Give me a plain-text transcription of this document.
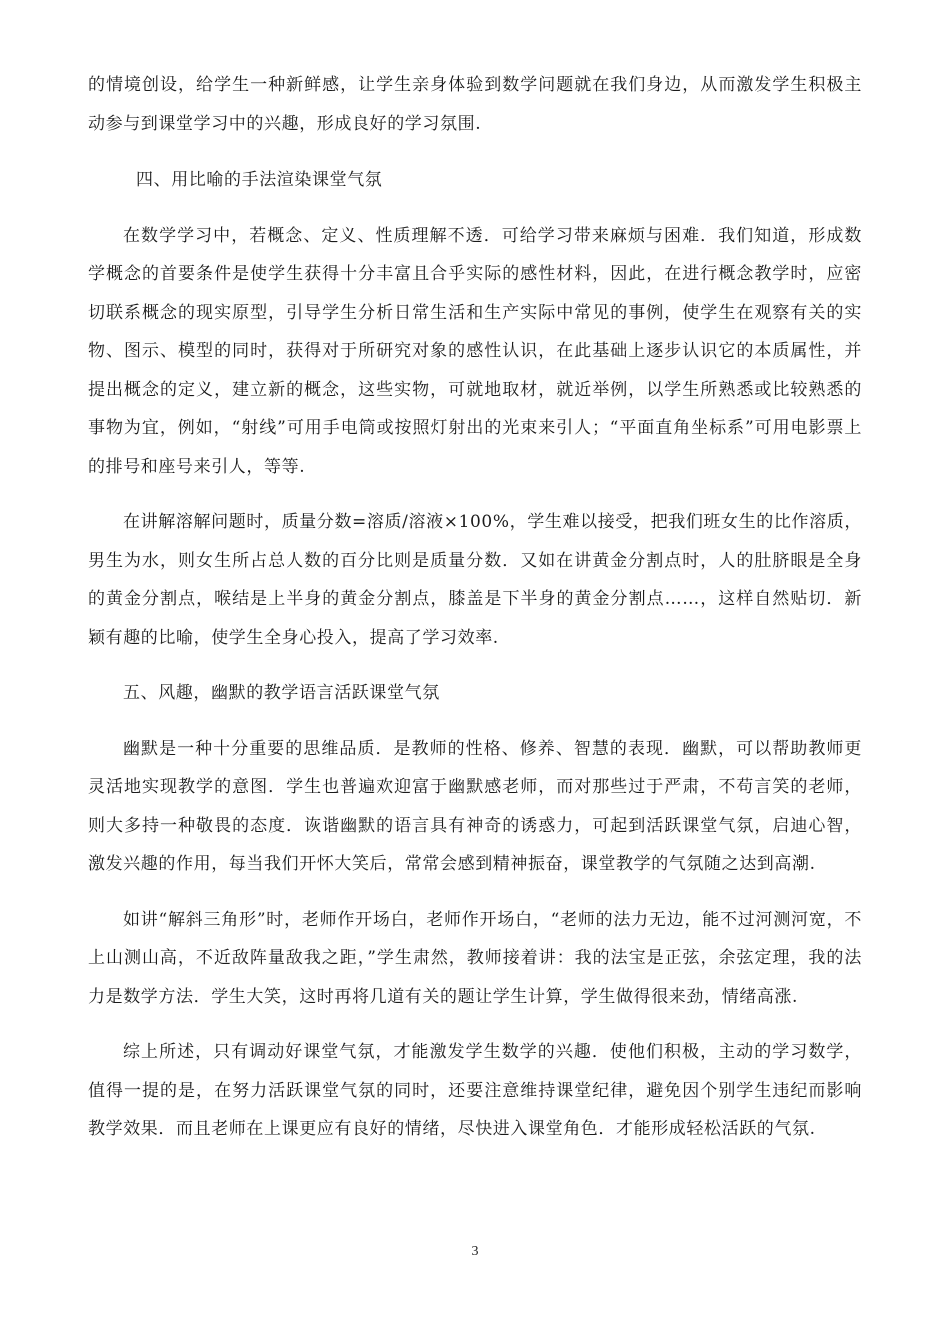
的情境创设，给学生一种新鲜感，让学生亲身体验到数学问题就在我们身边，从而激发学生积极主动参与到课堂学习中的兴趣，形成良好的学习氛围.

四、用比喻的手法渲染课堂气氛

在数学学习中，若概念、定义、性质理解不透．可给学习带来麻烦与困难．我们知道，形成数学概念的首要条件是使学生获得十分丰富且合乎实际的感性材料，因此，在进行概念教学时，应密切联系概念的现实原型，引导学生分析日常生活和生产实际中常见的事例，使学生在观察有关的实物、图示、模型的同时，获得对于所研究对象的感性认识，在此基础上逐步认识它的本质属性，并提出概念的定义，建立新的概念，这些实物，可就地取材，就近举例，以学生所熟悉或比较熟悉的事物为宜，例如，“射线”可用手电筒或按照灯射出的光束来引人；“平面直角坐标系”可用电影票上的排号和座号来引人，等等.

在讲解溶解问题时，质量分数=溶质/溶液×100%，学生难以接受，把我们班女生的比作溶质，男生为水，则女生所占总人数的百分比则是质量分数．又如在讲黄金分割点时，人的肚脐眼是全身的黄金分割点，喉结是上半身的黄金分割点，膝盖是下半身的黄金分割点……，这样自然贴切．新颖有趣的比喻，使学生全身心投入，提高了学习效率.

五、风趣，幽默的教学语言活跃课堂气氛

幽默是一种十分重要的思维品质．是教师的性格、修养、智慧的表现．幽默，可以帮助教师更灵活地实现教学的意图．学生也普遍欢迎富于幽默感老师，而对那些过于严肃，不苟言笑的老师，则大多持一种敬畏的态度．诙谐幽默的语言具有神奇的诱惑力，可起到活跃课堂气氛，启迪心智，激发兴趣的作用，每当我们开怀大笑后，常常会感到精神振奋，课堂教学的气氛随之达到高潮.

如讲“解斜三角形”时，老师作开场白，老师作开场白，“老师的法力无边，能不过河测河宽，不上山测山高，不近敌阵量敌我之距，”学生肃然，教师接着讲：我的法宝是正弦，余弦定理，我的法力是数学方法．学生大笑，这时再将几道有关的题让学生计算，学生做得很来劲，情绪高涨.

综上所述，只有调动好课堂气氛，才能激发学生数学的兴趣．使他们积极，主动的学习数学，值得一提的是，在努力活跃课堂气氛的同时，还要注意维持课堂纪律，避免因个别学生违纪而影响教学效果．而且老师在上课更应有良好的情绪，尽快进入课堂角色．才能形成轻松活跃的气氛.

3
